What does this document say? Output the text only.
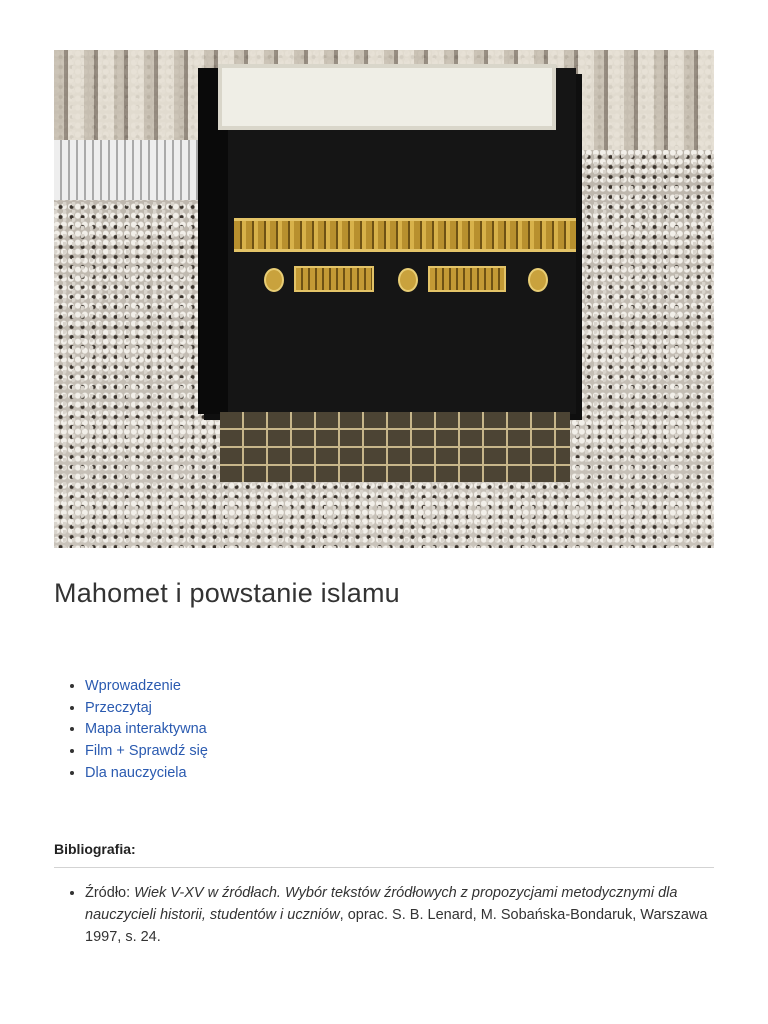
Mahomet i powstanie islamu
• Wprowadzenie
• Przeczytaj
• Mapa interaktywna
• Film + Sprawdź się
• Dla nauczyciela
Bibliografia:
• Źródło: Wiek V-XV w źródłach. Wybór tekstów źródłowych z propozycjami metodycznymi dla nauczycieli historii, studentów i uczniów, oprac. S. B. Lenard, M. Sobańska-Bondaruk, Warszawa 1997, s. 24.
